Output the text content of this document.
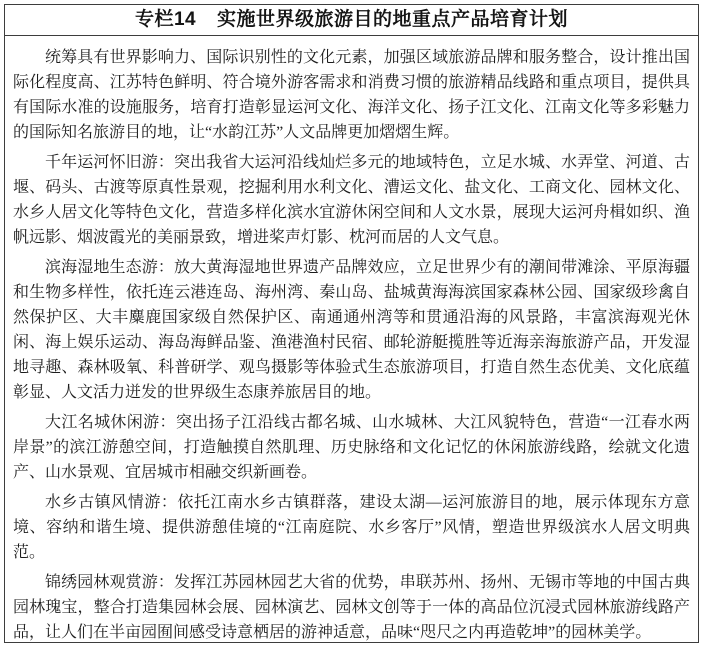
专栏14 实施世界级旅游目的地重点产品培育计划

统筹具有世界影响力、国际识别性的文化元素，加强区域旅游品牌和服务整合，设计推出国际化程度高、江苏特色鲜明、符合境外游客需求和消费习惯的旅游精品线路和重点项目，提供具有国际水准的设施服务，培育打造彰显运河文化、海洋文化、扬子江文化、江南文化等多彩魅力的国际知名旅游目的地，让“水韵江苏”人文品牌更加熠熠生辉。

千年运河怀旧游：突出我省大运河沿线灿烂多元的地域特色，立足水城、水弄堂、河道、古堰、码头、古渡等原真性景观，挖掘利用水利文化、漕运文化、盐文化、工商文化、园林文化、水乡人居文化等特色文化，营造多样化滨水宜游休闲空间和人文水景，展现大运河舟楫如织、渔帆远影、烟波霞光的美丽景致，增进桨声灯影、枕河而居的人文气息。

滨海湿地生态游：放大黄海湿地世界遗产品牌效应，立足世界少有的潮间带滩涂、平原海疆和生物多样性，依托连云港连岛、海州湾、秦山岛、盐城黄海海滨国家森林公园、国家级珍禽自然保护区、大丰麋鹿国家级自然保护区、南通通州湾等和贯通沿海的风景路，丰富滨海观光休闲、海上娱乐运动、海岛海鲜品鉴、渔港渔村民宿、邮轮游艇揽胜等近海亲海旅游产品，开发湿地寻趣、森林吸氧、科普研学、观鸟摄影等体验式生态旅游项目，打造自然生态优美、文化底蕴彰显、人文活力迸发的世界级生态康养旅居目的地。

大江名城休闲游：突出扬子江沿线古都名城、山水城林、大江风貌特色，营造“一江春水两岸景”的滨江游憩空间，打造触摸自然肌理、历史脉络和文化记忆的休闲旅游线路，绘就文化遗产、山水景观、宜居城市相融交织新画卷。

水乡古镇风情游：依托江南水乡古镇群落，建设太湖—运河旅游目的地，展示体现东方意境、容纳和谐生境、提供游憩佳境的“江南庭院、水乡客厅”风情，塑造世界级滨水人居文明典范。

锦绣园林观赏游：发挥江苏园林园艺大省的优势，串联苏州、扬州、无锡市等地的中国古典园林瑰宝，整合打造集园林会展、园林演艺、园林文创等于一体的高品位沉浸式园林旅游线路产品，让人们在半亩园囿间感受诗意栖居的游神适意，品味“咫尺之内再造乾坤”的园林美学。
